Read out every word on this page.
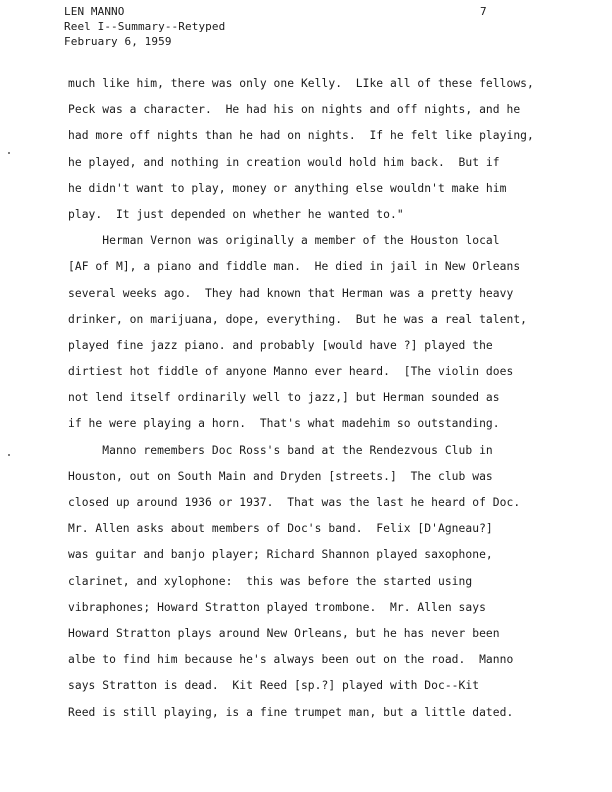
LEN MANNO
Reel I--Summary--Retyped
February 6, 1959
7
much like him, there was only one Kelly.  LIke all of these fellows,
Peck was a character.  He had his on nights and off nights, and he
had more off nights than he had on nights.  If he felt like playing,
he played, and nothing in creation would hold him back.  But if
he didn't want to play, money or anything else wouldn't make him
play.  It just depended on whether he wanted to."
Herman Vernon was originally a member of the Houston local
[AF of M], a piano and fiddle man.  He died in jail in New Orleans
several weeks ago.  They had known that Herman was a pretty heavy
drinker, on marijuana, dope, everything.  But he was a real talent,
played fine jazz piano. and probably [would have ?] played the
dirtiest hot fiddle of anyone Manno ever heard.  [The violin does
not lend itself ordinarily well to jazz,] but Herman sounded as
if he were playing a horn.  That's what madehim so outstanding.
Manno remembers Doc Ross's band at the Rendezvous Club in
Houston, out on South Main and Dryden [streets.]  The club was
closed up around 1936 or 1937.  That was the last he heard of Doc.
Mr. Allen asks about members of Doc's band.  Felix [D'Agneau?]
was guitar and banjo player; Richard Shannon played saxophone,
clarinet, and xylophone:  this was before the started using
vibraphones; Howard Stratton played trombone.  Mr. Allen says
Howard Stratton plays around New Orleans, but he has never been
albe to find him because he's always been out on the road.  Manno
says Stratton is dead.  Kit Reed [sp.?] played with Doc--Kit
Reed is still playing, is a fine trumpet man, but a little dated.
